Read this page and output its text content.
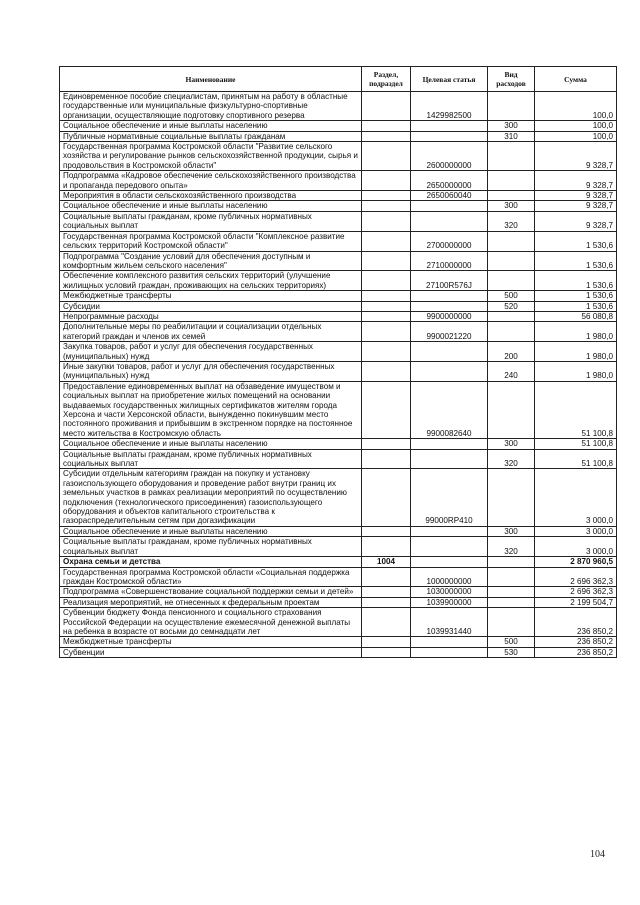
Наименование	Раздел, подраздел	Целевая статья	Вид расходов	Сумма
Единовременное пособие специалистам, принятым на работу в областные государственные или муниципальные физкультурно-спортивные организации, осуществляющие подготовку спортивного резерва		1429982500		100,0
Социальное обеспечение и иные выплаты населению			300	100,0
Публичные нормативные социальные выплаты гражданам			310	100,0
Государственная программа Костромской области "Развитие сельского хозяйства и регулирование рынков сельскохозяйственной продукции, сырья и продовольствия в Костромской области"		2600000000		9 328,7
Подпрограмма «Кадровое обеспечение сельскохозяйственного производства и пропаганда передового опыта»		2650000000		9 328,7
Мероприятия в области сельскохозяйственного производства		2650060040		9 328,7
Социальное обеспечение и иные выплаты населению			300	9 328,7
Социальные выплаты гражданам, кроме публичных нормативных социальных выплат			320	9 328,7
Государственная программа Костромской области "Комплексное развитие сельских территорий Костромской области"		2700000000		1 530,6
Подпрограмма "Создание условий для обеспечения доступным и комфортным жильем сельского населения"		2710000000		1 530,6
Обеспечение комплексного развития сельских территорий (улучшение жилищных условий граждан, проживающих на сельских территориях)		27100R576J		1 530,6
Межбюджетные трансферты			500	1 530,6
Субсидии			520	1 530,6
Непрограммные расходы		9900000000		56 080,8
Дополнительные меры по реабилитации и социализации отдельных категорий граждан и членов их семей		9900021220		1 980,0
Закупка товаров, работ и услуг для обеспечения государственных (муниципальных) нужд			200	1 980,0
Иные закупки товаров, работ и услуг для обеспечения государственных (муниципальных) нужд			240	1 980,0
Предоставление единовременных выплат на обзаведение имуществом и социальных выплат на приобретение жилых помещений на основании выдаваемых государственных жилищных сертификатов жителям города Херсона и части Херсонской области, вынужденно покинувшим место постоянного проживания и прибывшим в экстренном порядке на постоянное место жительства в Костромскую область		9900082640		51 100,8
Социальное обеспечение и иные выплаты населению			300	51 100,8
Социальные выплаты гражданам, кроме публичных нормативных социальных выплат			320	51 100,8
Субсидии отдельным категориям граждан на покупку и установку газоиспользующего оборудования и проведение работ внутри границ их земельных участков в рамках реализации мероприятий по осуществлению подключения (технологического присоединения) газоиспользующего оборудования и объектов капитального строительства к газораспределительным сетям при догазификации		99000RP410		3 000,0
Социальное обеспечение и иные выплаты населению			300	3 000,0
Социальные выплаты гражданам, кроме публичных нормативных социальных выплат			320	3 000,0
Охрана семьи и детства	1004			2 870 960,5
Государственная программа Костромской области «Социальная поддержка граждан Костромской области»		1000000000		2 696 362,3
Подпрограмма «Совершенствование социальной поддержки семьи и детей»		1030000000		2 696 362,3
Реализация мероприятий, не отнесенных к федеральным проектам		1039900000		2 199 504,7
Субвенции бюджету Фонда пенсионного и социального страхования Российской Федерации на осуществление ежемесячной денежной выплаты на ребенка в возрасте от восьми до семнадцати лет		1039931440		236 850,2
Межбюджетные трансферты			500	236 850,2
Субвенции			530	236 850,2
104
